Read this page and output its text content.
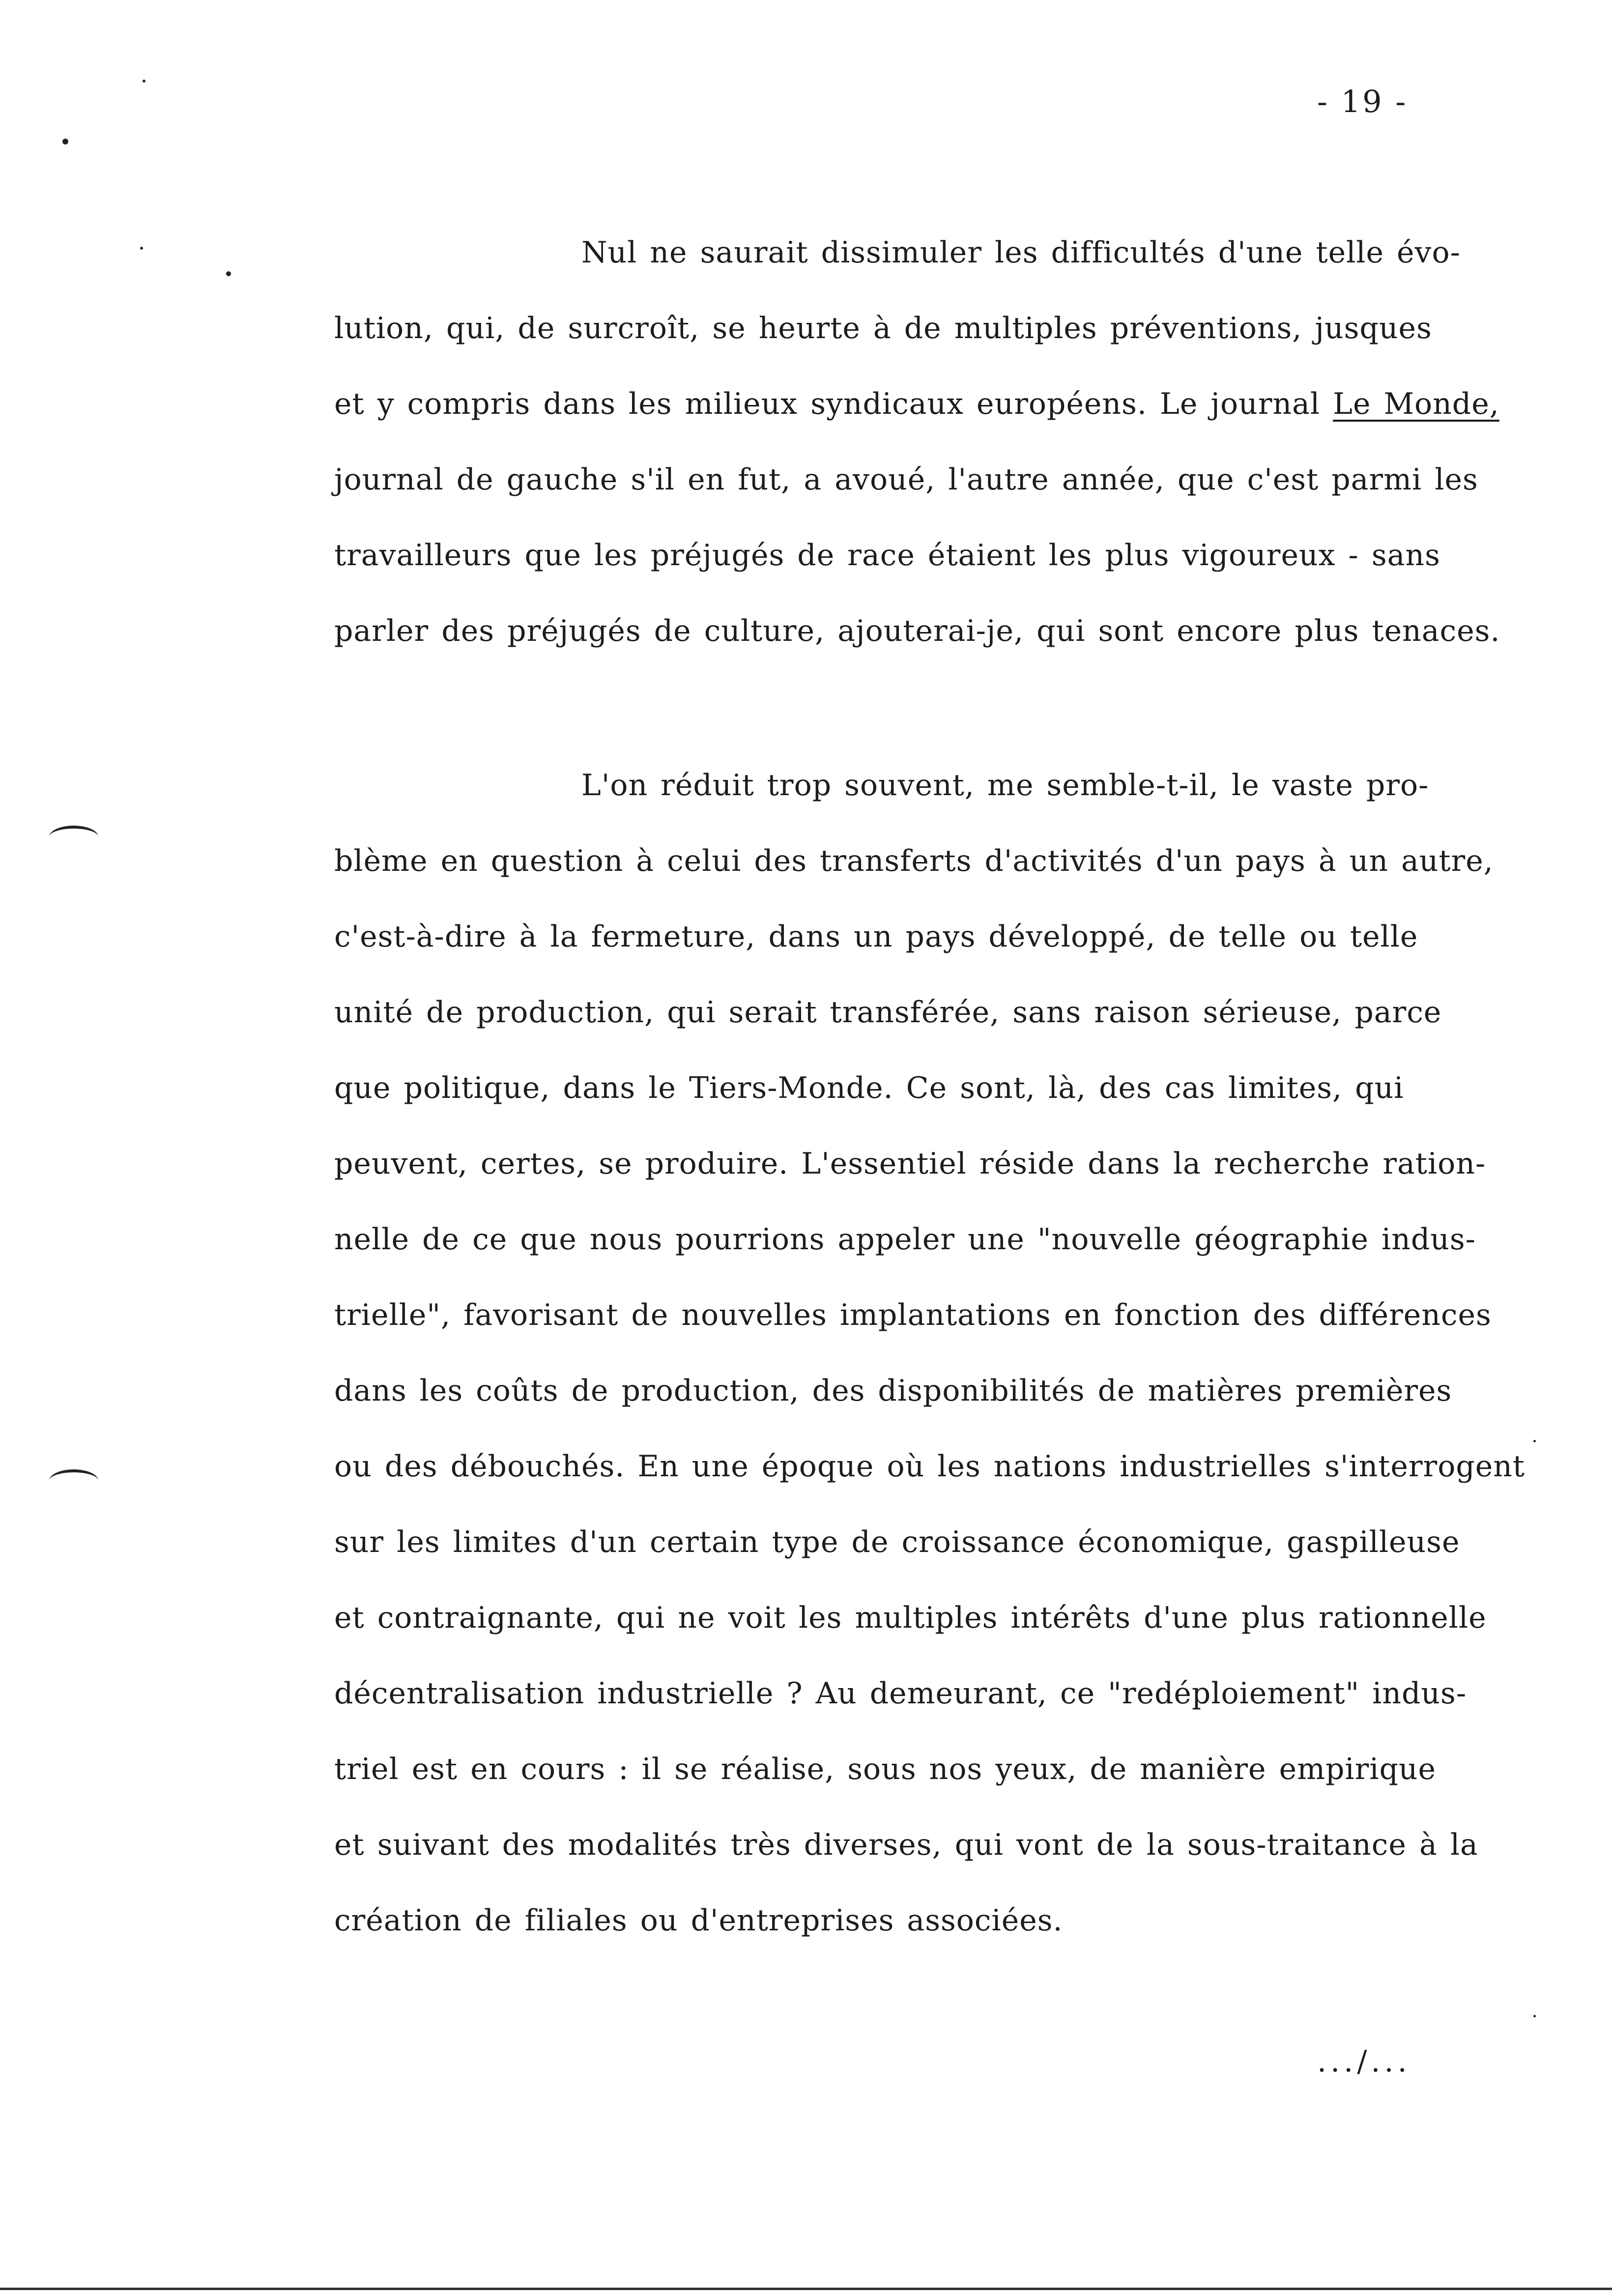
- 19 -
Nul ne saurait dissimuler les difficultés d'une telle évo-
lution, qui, de surcroît, se heurte à de multiples préventions, jusques
et y compris dans les milieux syndicaux européens. Le journal Le Monde,
journal de gauche s'il en fut, a avoué, l'autre année, que c'est parmi les
travailleurs que les préjugés de race étaient les plus vigoureux - sans
parler des préjugés de culture, ajouterai-je, qui sont encore plus tenaces.
L'on réduit trop souvent, me semble-t-il, le vaste pro-
blème en question à celui des transferts d'activités d'un pays à un autre,
c'est-à-dire à la fermeture, dans un pays développé, de telle ou telle
unité de production, qui serait transférée, sans raison sérieuse, parce
que politique, dans le Tiers-Monde. Ce sont, là, des cas limites, qui
peuvent, certes, se produire. L'essentiel réside dans la recherche ration-
nelle de ce que nous pourrions appeler une "nouvelle géographie indus-
trielle", favorisant de nouvelles implantations en fonction des différences
dans les coûts de production, des disponibilités de matières premières
ou des débouchés. En une époque où les nations industrielles s'interrogent
sur les limites d'un certain type de croissance économique, gaspilleuse
et contraignante, qui ne voit les multiples intérêts d'une plus rationnelle
décentralisation industrielle ? Au demeurant, ce "redéploiement" indus-
triel est en cours : il se réalise, sous nos yeux, de manière empirique
et suivant des modalités très diverses, qui vont de la sous-traitance à la
création de filiales ou d'entreprises associées.
.../...
